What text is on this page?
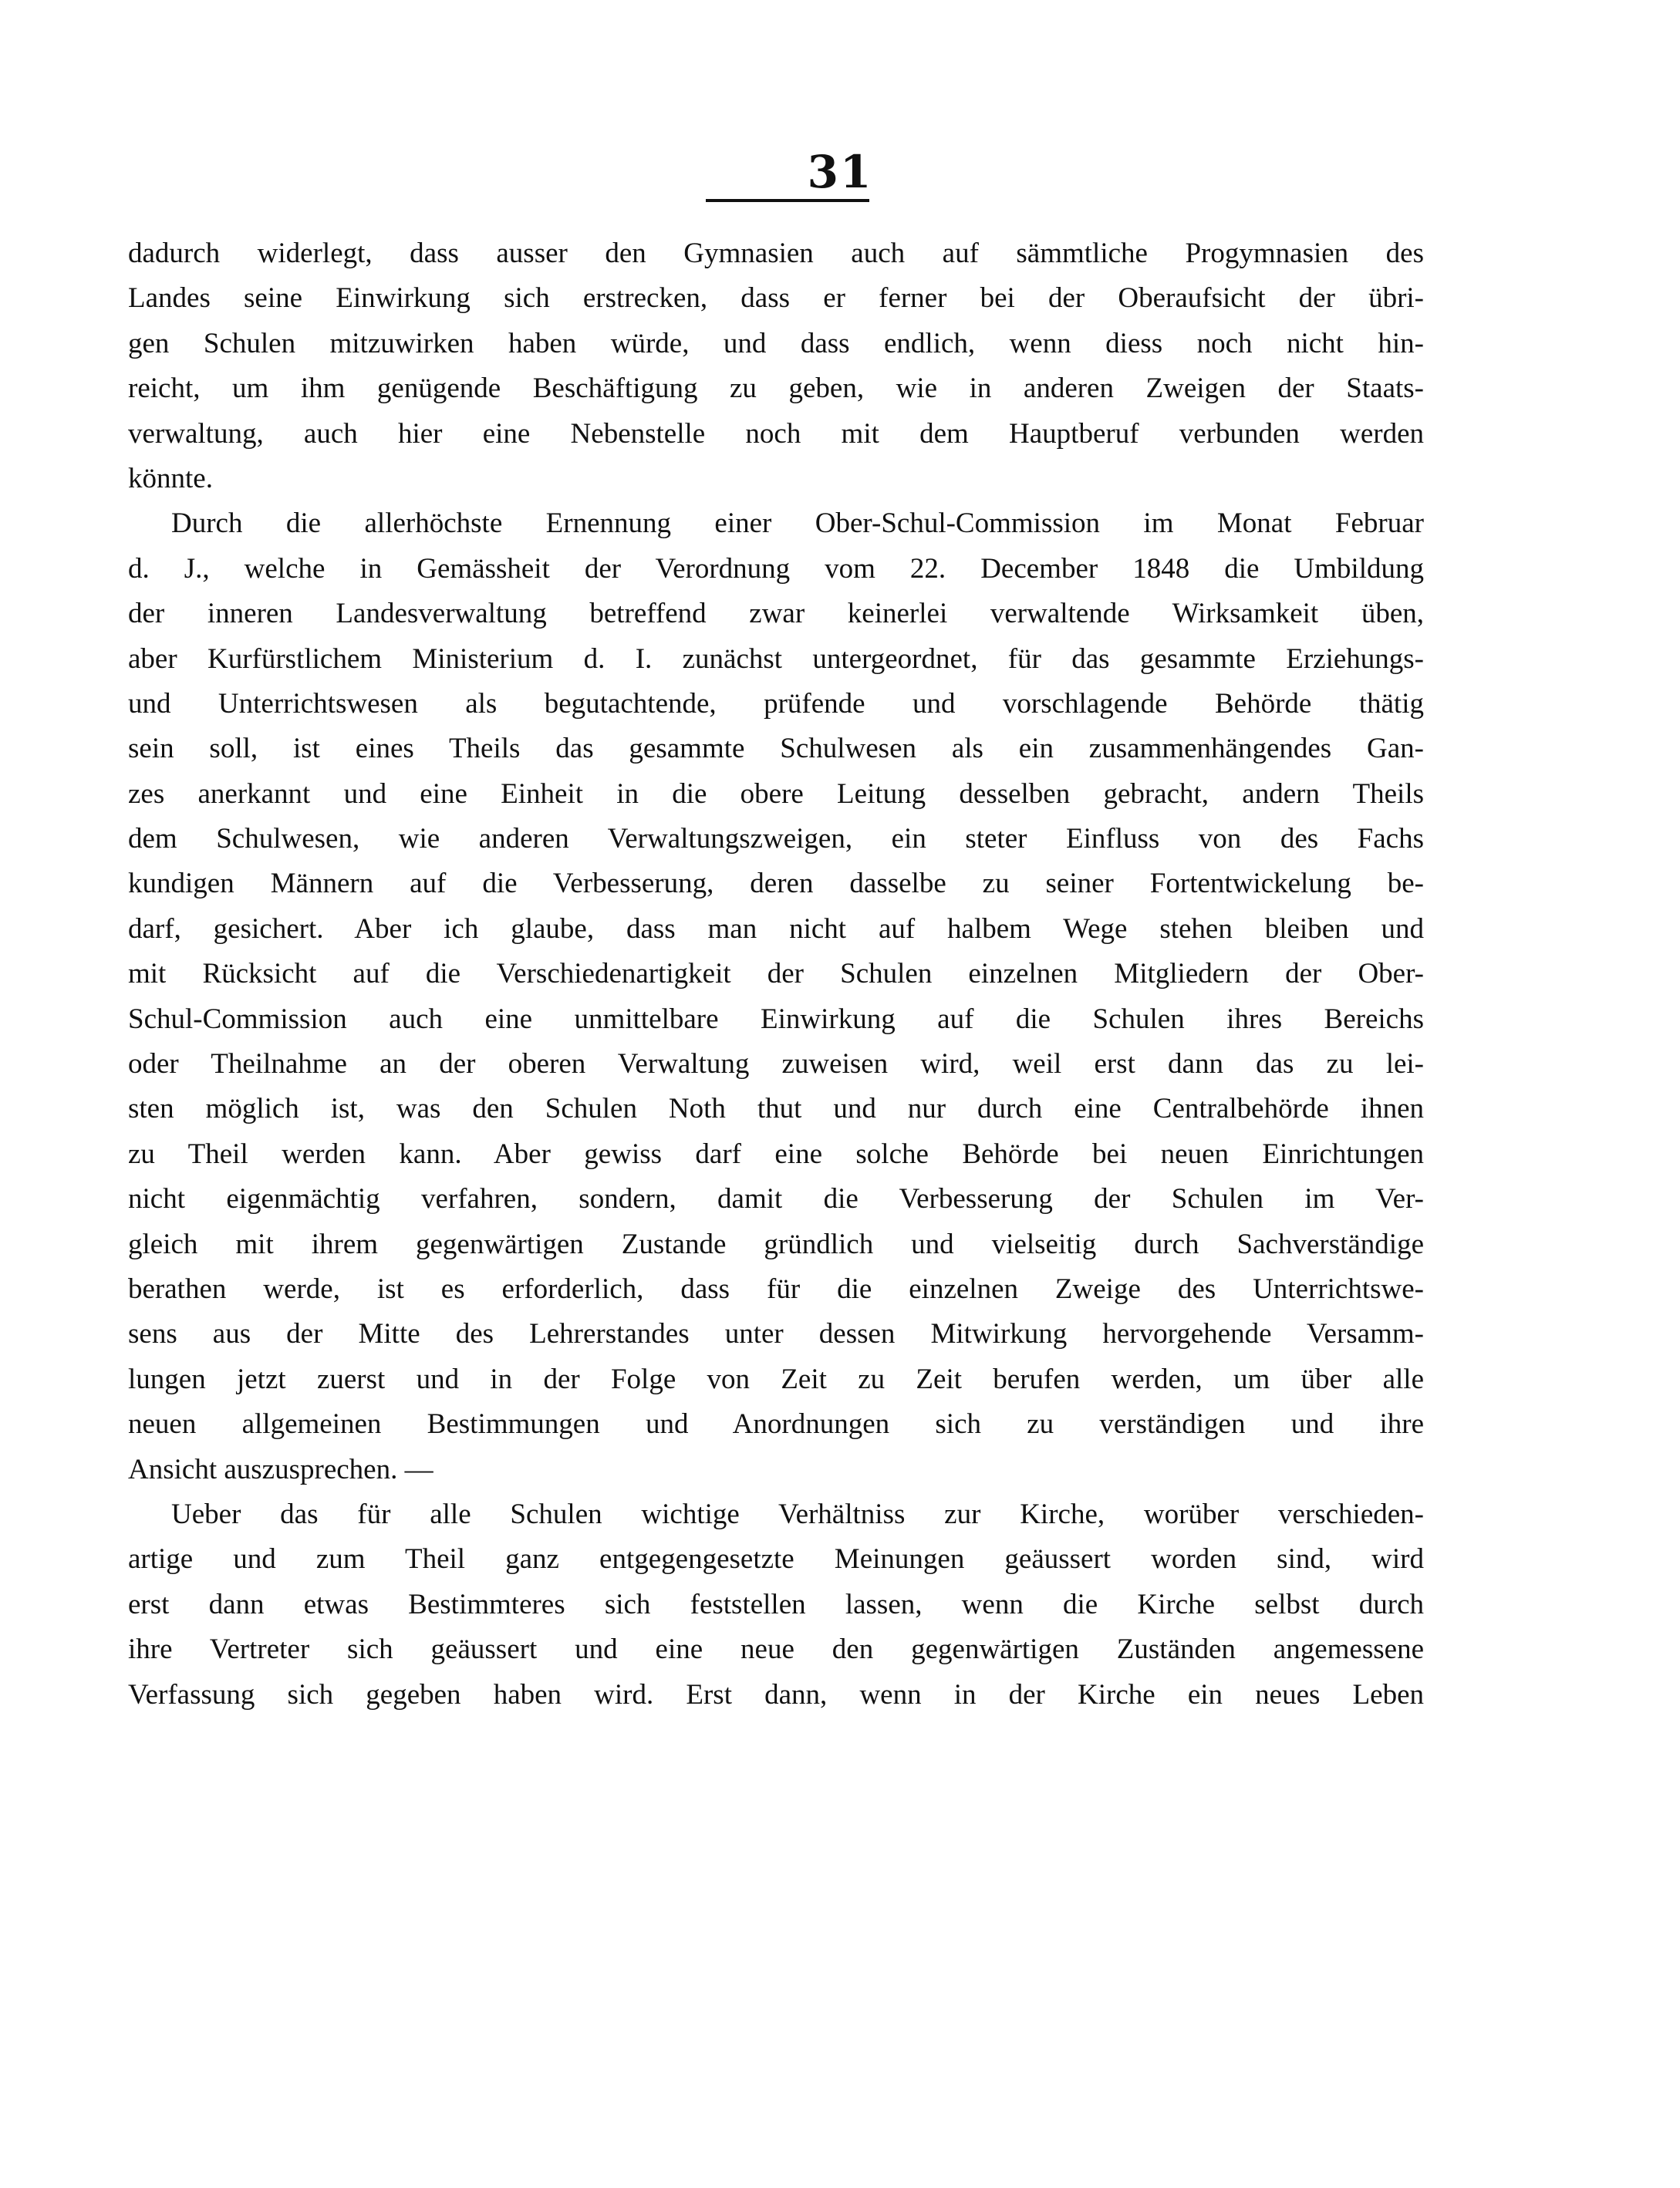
31
dadurch widerlegt, dass ausser den Gymnasien auch auf sämmtliche Progymnasien des
Landes seine Einwirkung sich erstrecken, dass er ferner bei der Oberaufsicht der übri-
gen Schulen mitzuwirken haben würde, und dass endlich, wenn diess noch nicht hin-
reicht, um ihm genügende Beschäftigung zu geben, wie in anderen Zweigen der Staats-
verwaltung, auch hier eine Nebenstelle noch mit dem Hauptberuf verbunden werden
könnte.
Durch die allerhöchste Ernennung einer Ober-Schul-Commission im Monat Februar
d. J., welche in Gemässheit der Verordnung vom 22. December 1848 die Umbildung
der inneren Landesverwaltung betreffend zwar keinerlei verwaltende Wirksamkeit üben,
aber Kurfürstlichem Ministerium d. I. zunächst untergeordnet, für das gesammte Erziehungs-
und Unterrichtswesen als begutachtende, prüfende und vorschlagende Behörde thätig
sein soll, ist eines Theils das gesammte Schulwesen als ein zusammenhängendes Gan-
zes anerkannt und eine Einheit in die obere Leitung desselben gebracht, andern Theils
dem Schulwesen, wie anderen Verwaltungszweigen, ein steter Einfluss von des Fachs
kundigen Männern auf die Verbesserung, deren dasselbe zu seiner Fortentwickelung be-
darf, gesichert. Aber ich glaube, dass man nicht auf halbem Wege stehen bleiben und
mit Rücksicht auf die Verschiedenartigkeit der Schulen einzelnen Mitgliedern der Ober-
Schul-Commission auch eine unmittelbare Einwirkung auf die Schulen ihres Bereichs
oder Theilnahme an der oberen Verwaltung zuweisen wird, weil erst dann das zu lei-
sten möglich ist, was den Schulen Noth thut und nur durch eine Centralbehörde ihnen
zu Theil werden kann. Aber gewiss darf eine solche Behörde bei neuen Einrichtungen
nicht eigenmächtig verfahren, sondern, damit die Verbesserung der Schulen im Ver-
gleich mit ihrem gegenwärtigen Zustande gründlich und vielseitig durch Sachverständige
berathen werde, ist es erforderlich, dass für die einzelnen Zweige des Unterrichtswe-
sens aus der Mitte des Lehrerstandes unter dessen Mitwirkung hervorgehende Versamm-
lungen jetzt zuerst und in der Folge von Zeit zu Zeit berufen werden, um über alle
neuen allgemeinen Bestimmungen und Anordnungen sich zu verständigen und ihre
Ansicht auszusprechen. —
Ueber das für alle Schulen wichtige Verhältniss zur Kirche, worüber verschieden-
artige und zum Theil ganz entgegengesetzte Meinungen geäussert worden sind, wird
erst dann etwas Bestimmteres sich feststellen lassen, wenn die Kirche selbst durch
ihre Vertreter sich geäussert und eine neue den gegenwärtigen Zuständen angemessene
Verfassung sich gegeben haben wird. Erst dann, wenn in der Kirche ein neues Leben
